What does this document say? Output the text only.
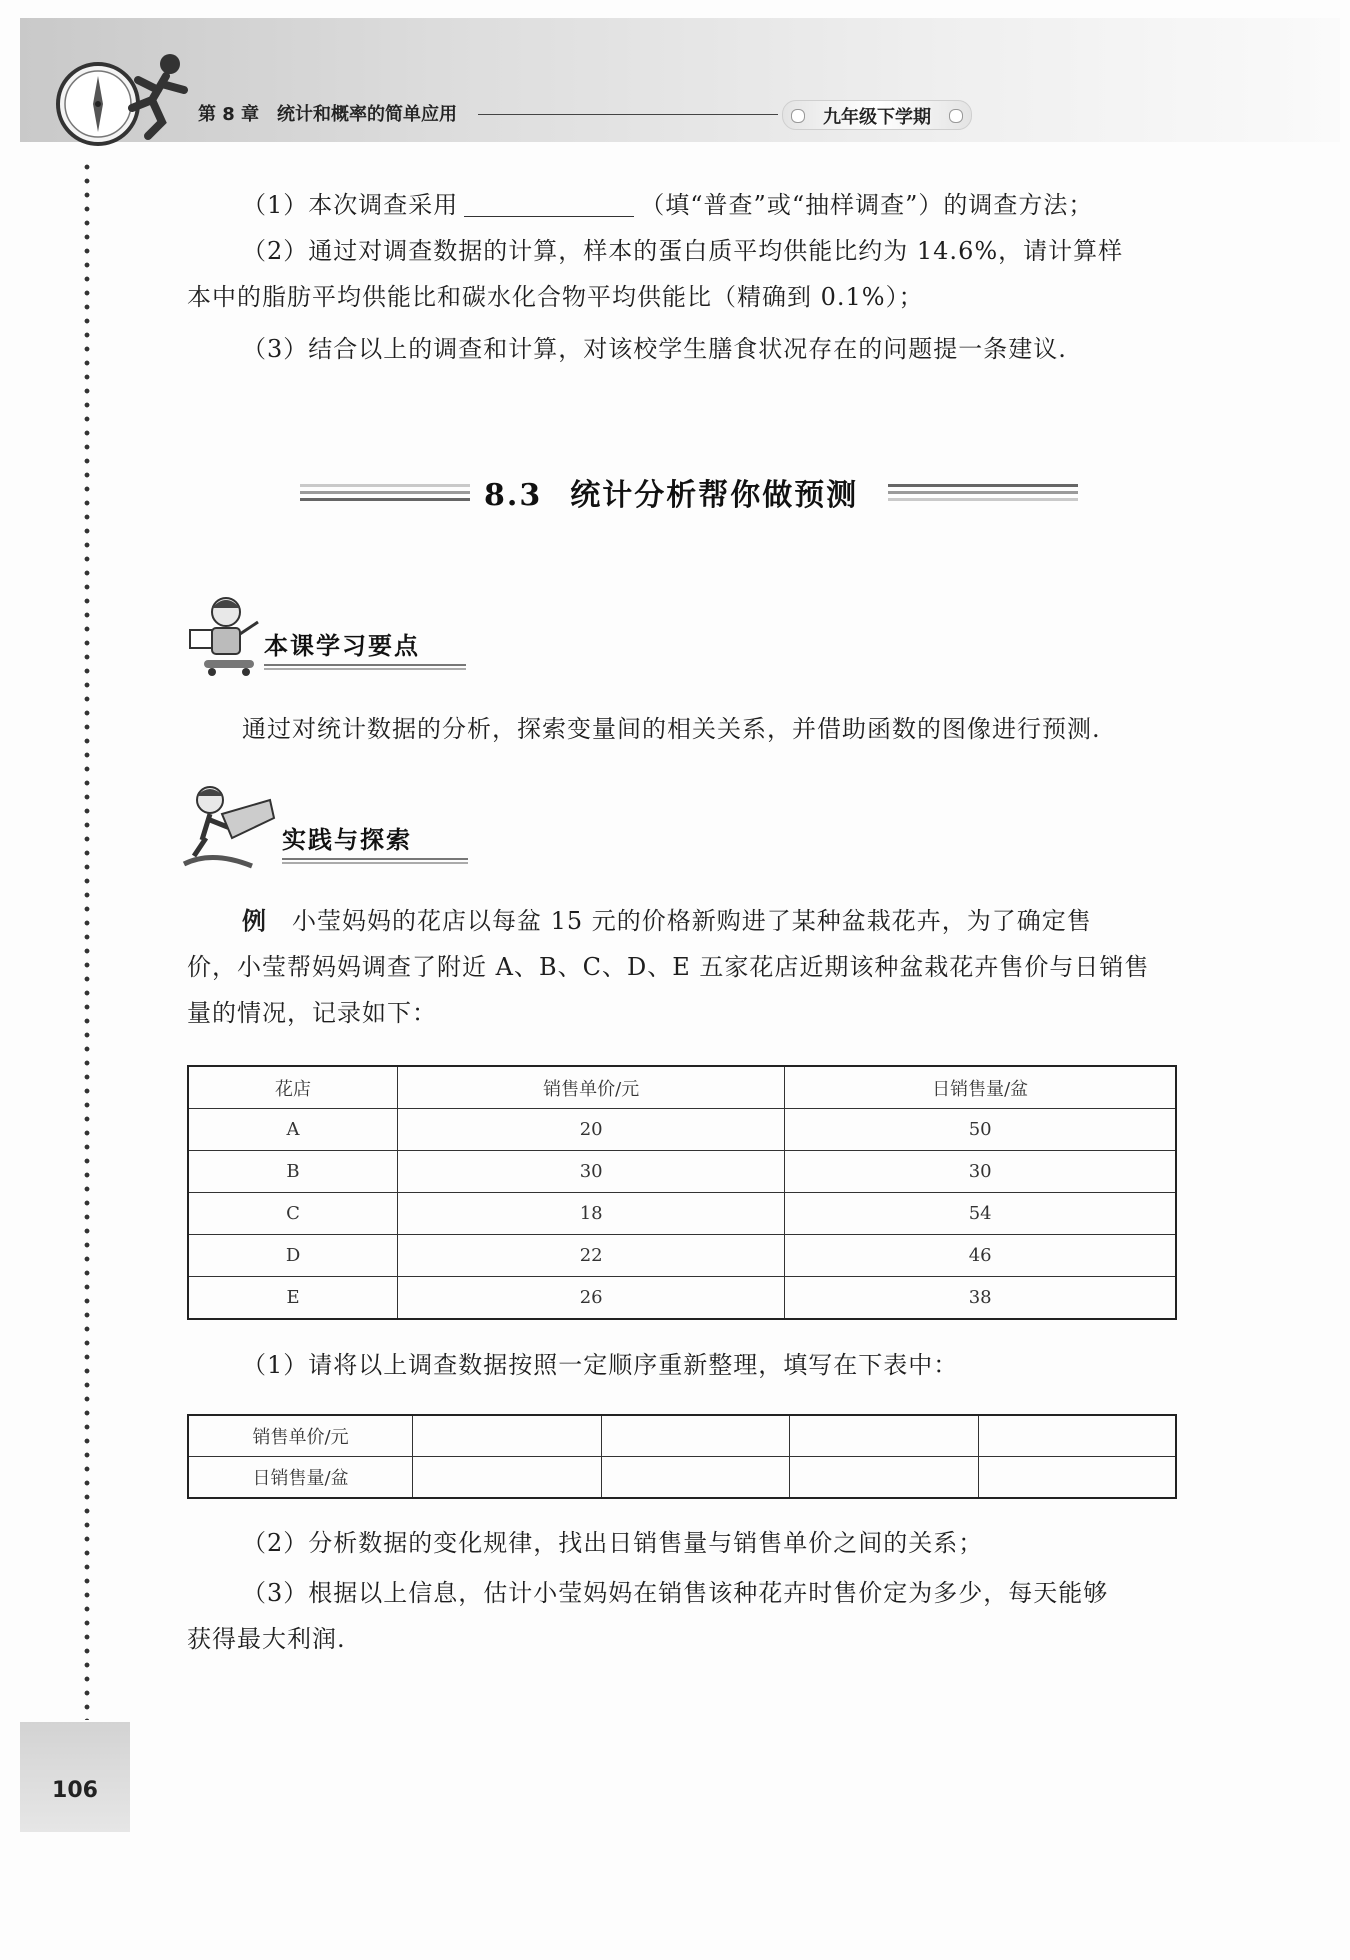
第 8 章　统计和概率的简单应用	九年级下学期
106
（1）本次调查采用	（填“普查”或“抽样调查”）的调查方法；
（2）通过对调查数据的计算，样本的蛋白质平均供能比约为 14.6%，请计算样
本中的脂肪平均供能比和碳水化合物平均供能比（精确到 0.1%）；
（3）结合以上的调查和计算，对该校学生膳食状况存在的问题提一条建议.
8.3 统计分析帮你做预测
本课学习要点
通过对统计数据的分析，探索变量间的相关关系，并借助函数的图像进行预测.
实践与探索
例　 小莹妈妈的花店以每盆 15 元的价格新购进了某种盆栽花卉，为了确定售
价，小莹帮妈妈调查了附近 A、B、C、D、E 五家花店近期该种盆栽花卉售价与日销售
量的情况，记录如下：
花店	销售单价/元	日销售量/盆
A	20	50
B	30	30
C	18	54
D	22	46
E	26	38
（1）请将以上调查数据按照一定顺序重新整理，填写在下表中：
销售单价/元				
日销售量/盆				
（2）分析数据的变化规律，找出日销售量与销售单价之间的关系；
（3）根据以上信息，估计小莹妈妈在销售该种花卉时售价定为多少，每天能够
获得最大利润.
